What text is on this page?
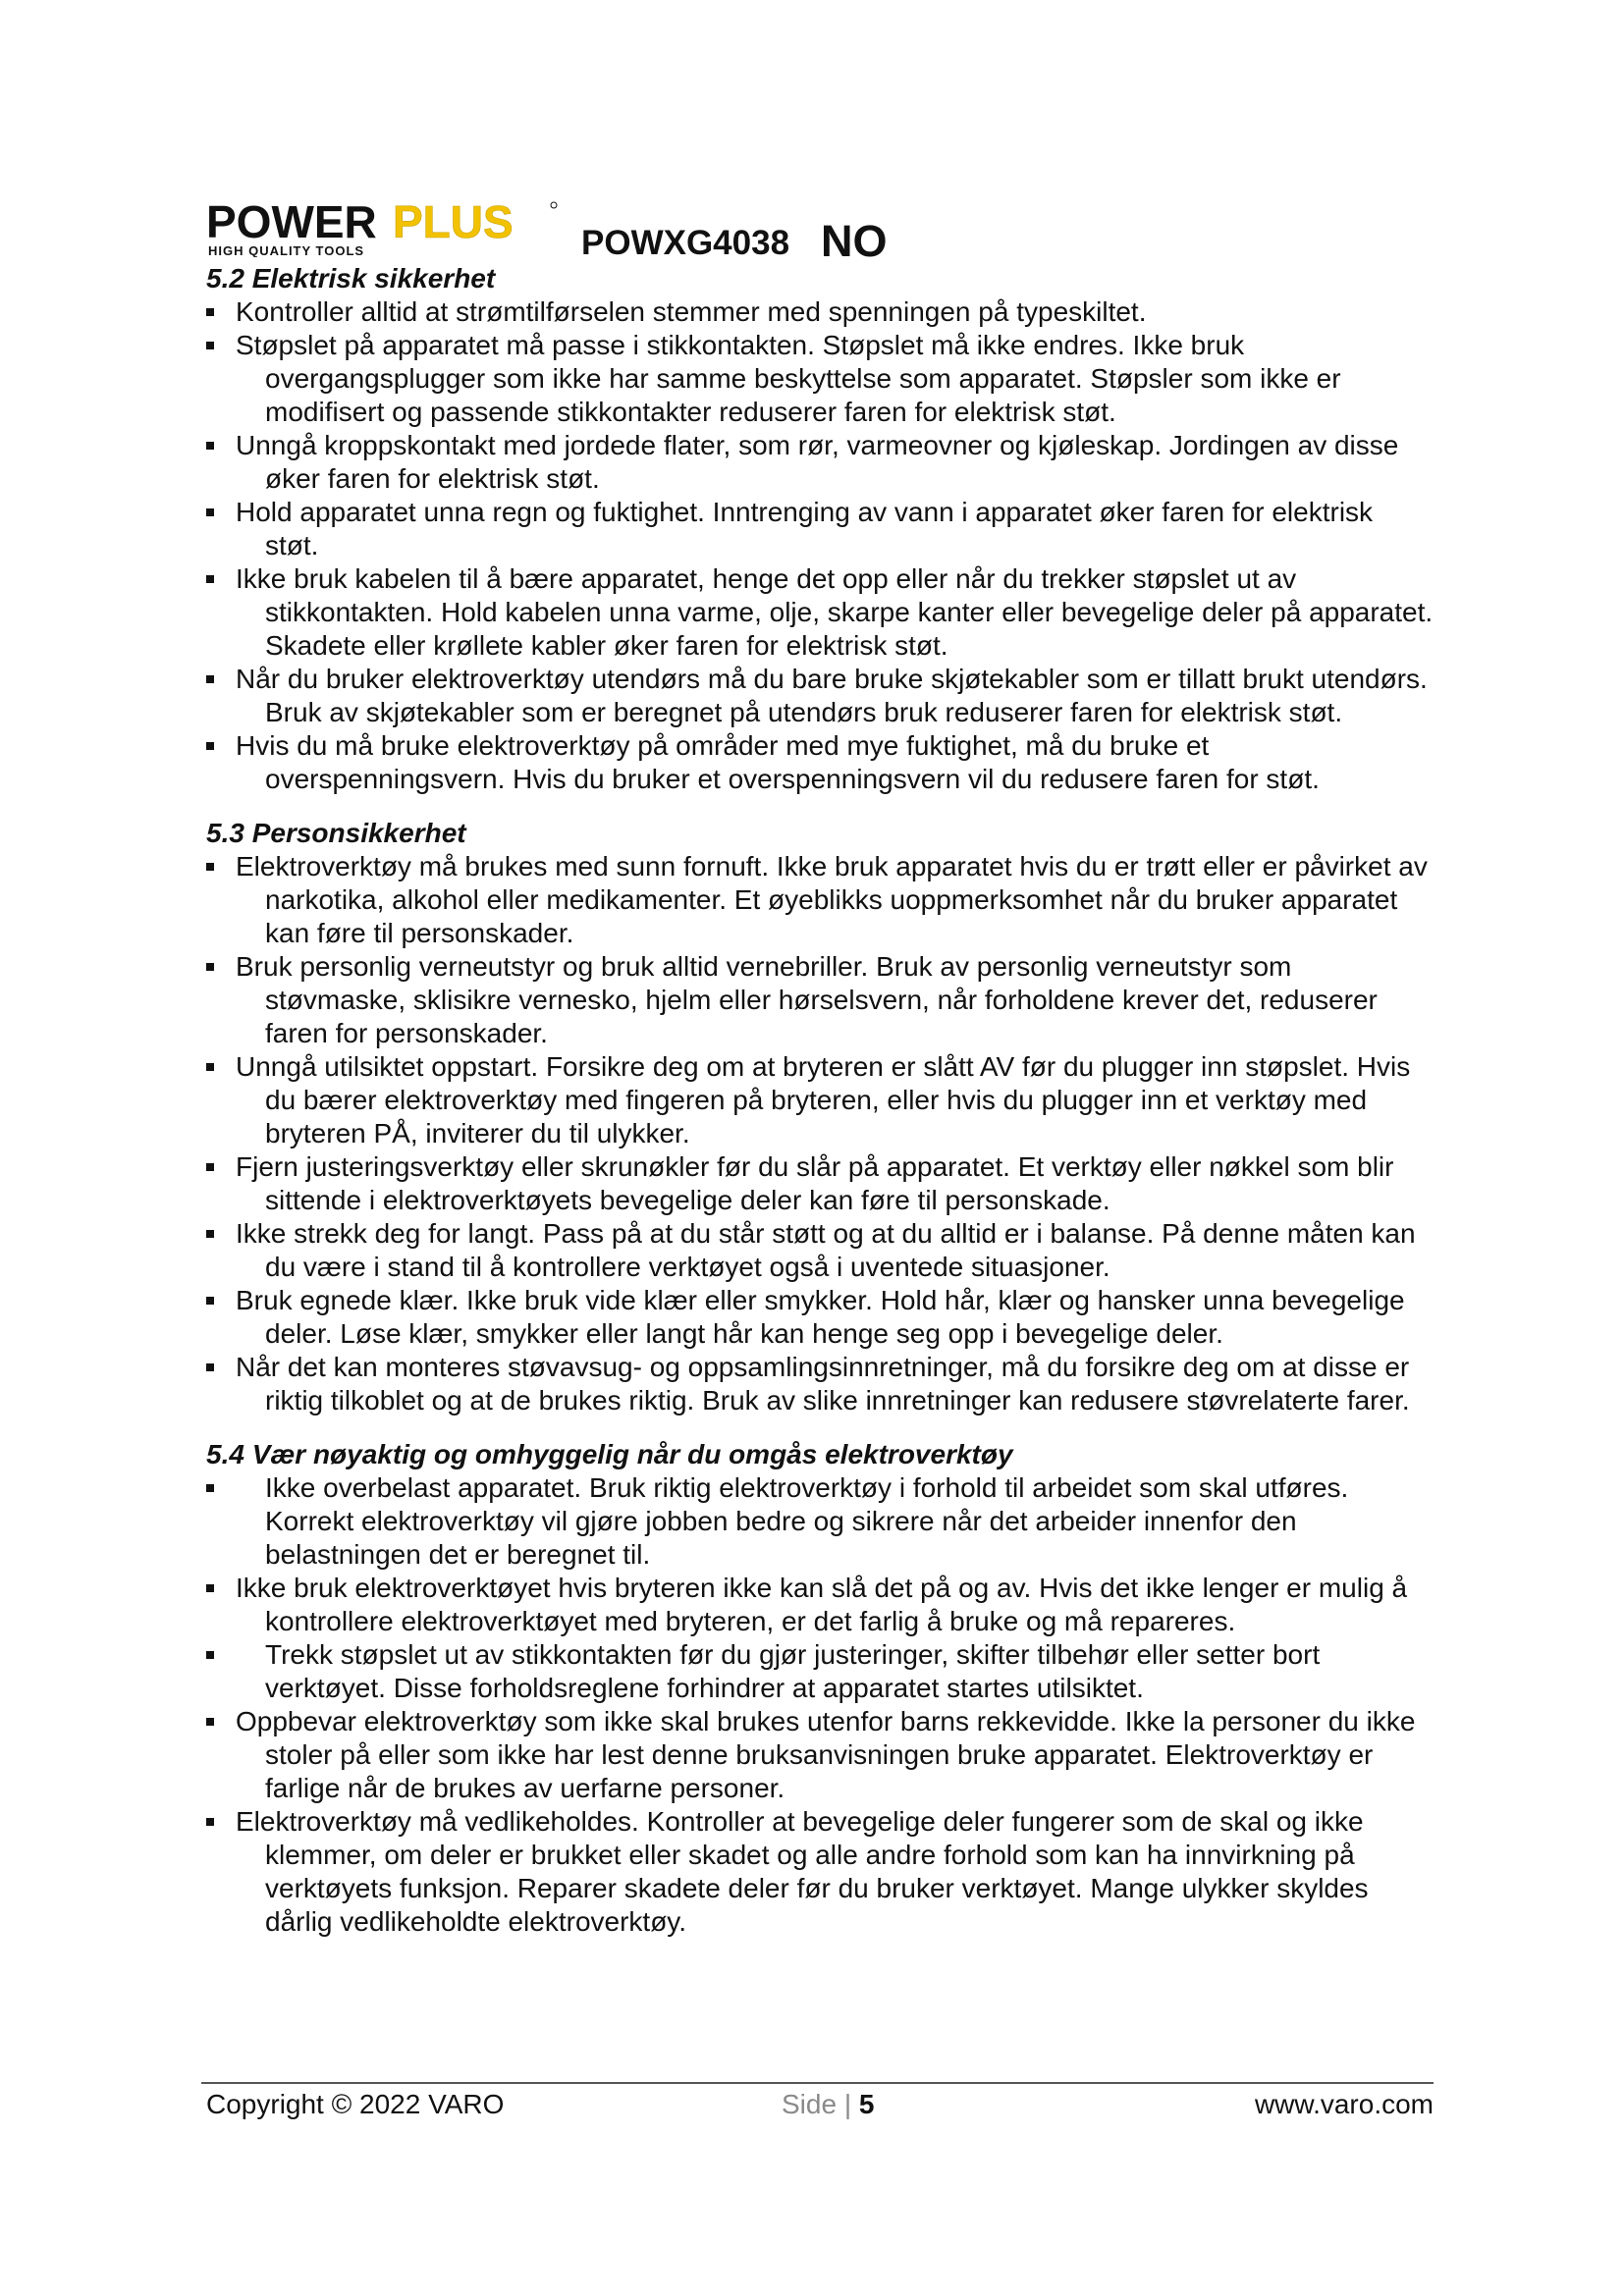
POWER PLUS
HIGH QUALITY TOOLS	POWXG4038 NO
5.2 Elektrisk sikkerhet
Kontroller alltid at strømtilførselen stemmer med spenningen på typeskiltet.
Støpslet på apparatet må passe i stikkontakten. Støpslet må ikke endres. Ikke bruk overgangsplugger som ikke har samme beskyttelse som apparatet. Støpsler som ikke er modifisert og passende stikkontakter reduserer faren for elektrisk støt.
Unngå kroppskontakt med jordede flater, som rør, varmeovner og kjøleskap. Jordingen av disse øker faren for elektrisk støt.
Hold apparatet unna regn og fuktighet. Inntrenging av vann i apparatet øker faren for elektrisk støt.
Ikke bruk kabelen til å bære apparatet, henge det opp eller når du trekker støpslet ut av stikkontakten. Hold kabelen unna varme, olje, skarpe kanter eller bevegelige deler på apparatet. Skadete eller krøllete kabler øker faren for elektrisk støt.
Når du bruker elektroverktøy utendørs må du bare bruke skjøtekabler som er tillatt brukt utendørs. Bruk av skjøtekabler som er beregnet på utendørs bruk reduserer faren for elektrisk støt.
Hvis du må bruke elektroverktøy på områder med mye fuktighet, må du bruke et overspenningsvern. Hvis du bruker et overspenningsvern vil du redusere faren for støt.
5.3 Personsikkerhet
Elektroverktøy må brukes med sunn fornuft. Ikke bruk apparatet hvis du er trøtt eller er påvirket av narkotika, alkohol eller medikamenter. Et øyeblikks uoppmerksomhet når du bruker apparatet kan føre til personskader.
Bruk personlig verneutstyr og bruk alltid vernebriller. Bruk av personlig verneutstyr som støvmaske, sklisikre vernesko, hjelm eller hørselsvern, når forholdene krever det, reduserer faren for personskader.
Unngå utilsiktet oppstart. Forsikre deg om at bryteren er slått AV før du plugger inn støpslet. Hvis du bærer elektroverktøy med fingeren på bryteren, eller hvis du plugger inn et verktøy med bryteren PÅ, inviterer du til ulykker.
Fjern justeringsverktøy eller skrunøkler før du slår på apparatet. Et verktøy eller nøkkel som blir sittende i elektroverktøyets bevegelige deler kan føre til personskade.
Ikke strekk deg for langt. Pass på at du står støtt og at du alltid er i balanse. På denne måten kan du være i stand til å kontrollere verktøyet også i uventede situasjoner.
Bruk egnede klær. Ikke bruk vide klær eller smykker. Hold hår, klær og hansker unna bevegelige deler. Løse klær, smykker eller langt hår kan henge seg opp i bevegelige deler.
Når det kan monteres støvavsug- og oppsamlingsinnretninger, må du forsikre deg om at disse er riktig tilkoblet og at de brukes riktig. Bruk av slike innretninger kan redusere støvrelaterte farer.
5.4 Vær nøyaktig og omhyggelig når du omgås elektroverktøy
Ikke overbelast apparatet. Bruk riktig elektroverktøy i forhold til arbeidet som skal utføres. Korrekt elektroverktøy vil gjøre jobben bedre og sikrere når det arbeider innenfor den belastningen det er beregnet til.
Ikke bruk elektroverktøyet hvis bryteren ikke kan slå det på og av. Hvis det ikke lenger er mulig å kontrollere elektroverktøyet med bryteren, er det farlig å bruke og må repareres.
Trekk støpslet ut av stikkontakten før du gjør justeringer, skifter tilbehør eller setter bort verktøyet. Disse forholdsreglene forhindrer at apparatet startes utilsiktet.
Oppbevar elektroverktøy som ikke skal brukes utenfor barns rekkevidde. Ikke la personer du ikke stoler på eller som ikke har lest denne bruksanvisningen bruke apparatet. Elektroverktøy er farlige når de brukes av uerfarne personer.
Elektroverktøy må vedlikeholdes. Kontroller at bevegelige deler fungerer som de skal og ikke klemmer, om deler er brukket eller skadet og alle andre forhold som kan ha innvirkning på verktøyets funksjon. Reparer skadete deler før du bruker verktøyet. Mange ulykker skyldes dårlig vedlikeholdte elektroverktøy.
Copyright © 2022 VARO	Side | 5	www.varo.com
